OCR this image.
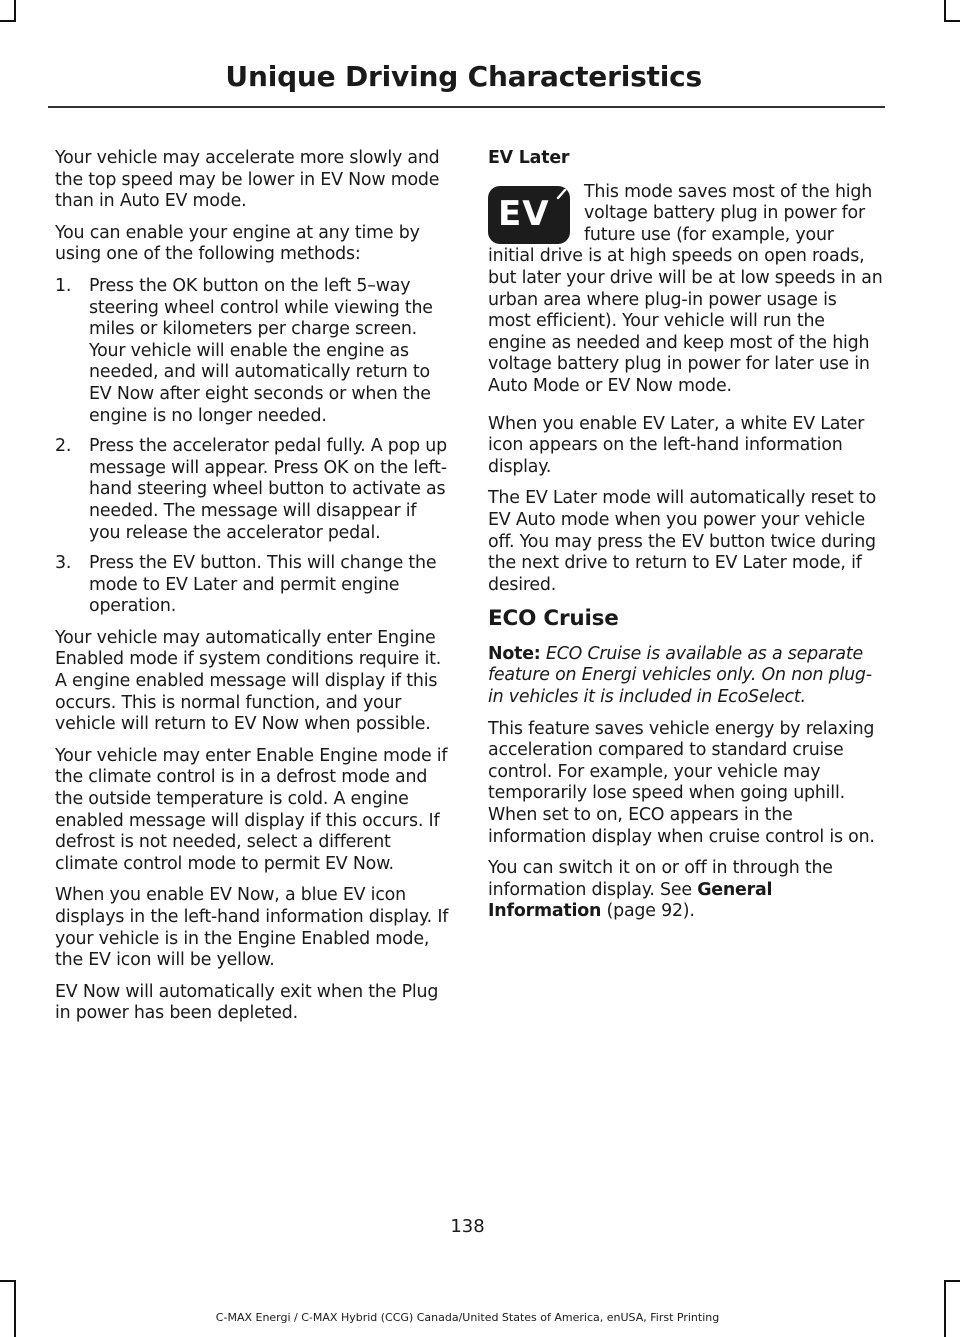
Unique Driving Characteristics

Your vehicle may accelerate more slowly and the top speed may be lower in EV Now mode than in Auto EV mode.

You can enable your engine at any time by using one of the following methods:

1. Press the OK button on the left 5–way steering wheel control while viewing the miles or kilometers per charge screen. Your vehicle will enable the engine as needed, and will automatically return to EV Now after eight seconds or when the engine is no longer needed.
2. Press the accelerator pedal fully. A pop up message will appear. Press OK on the left-hand steering wheel button to activate as needed. The message will disappear if you release the accelerator pedal.
3. Press the EV button. This will change the mode to EV Later and permit engine operation.

Your vehicle may automatically enter Engine Enabled mode if system conditions require it. A engine enabled message will display if this occurs. This is normal function, and your vehicle will return to EV Now when possible.

Your vehicle may enter Enable Engine mode if the climate control is in a defrost mode and the outside temperature is cold. A engine enabled message will display if this occurs. If defrost is not needed, select a different climate control mode to permit EV Now.

When you enable EV Now, a blue EV icon displays in the left-hand information display. If your vehicle is in the Engine Enabled mode, the EV icon will be yellow.

EV Now will automatically exit when the Plug in power has been depleted.

EV Later
EV

This mode saves most of the high voltage battery plug in power for future use (for example, your initial drive is at high speeds on open roads, but later your drive will be at low speeds in an urban area where plug-in power usage is most efficient). Your vehicle will run the engine as needed and keep most of the high voltage battery plug in power for later use in Auto Mode or EV Now mode.

When you enable EV Later, a white EV Later icon appears on the left-hand information display.

The EV Later mode will automatically reset to EV Auto mode when you power your vehicle off. You may press the EV button twice during the next drive to return to EV Later mode, if desired.

ECO Cruise

Note: ECO Cruise is available as a separate feature on Energi vehicles only. On non plug-in vehicles it is included in EcoSelect.

This feature saves vehicle energy by relaxing acceleration compared to standard cruise control. For example, your vehicle may temporarily lose speed when going uphill. When set to on, ECO appears in the information display when cruise control is on.

You can switch it on or off in through the information display. See General Information (page 92).

138
C-MAX Energi / C-MAX Hybrid (CCG) Canada/United States of America, enUSA, First Printing
